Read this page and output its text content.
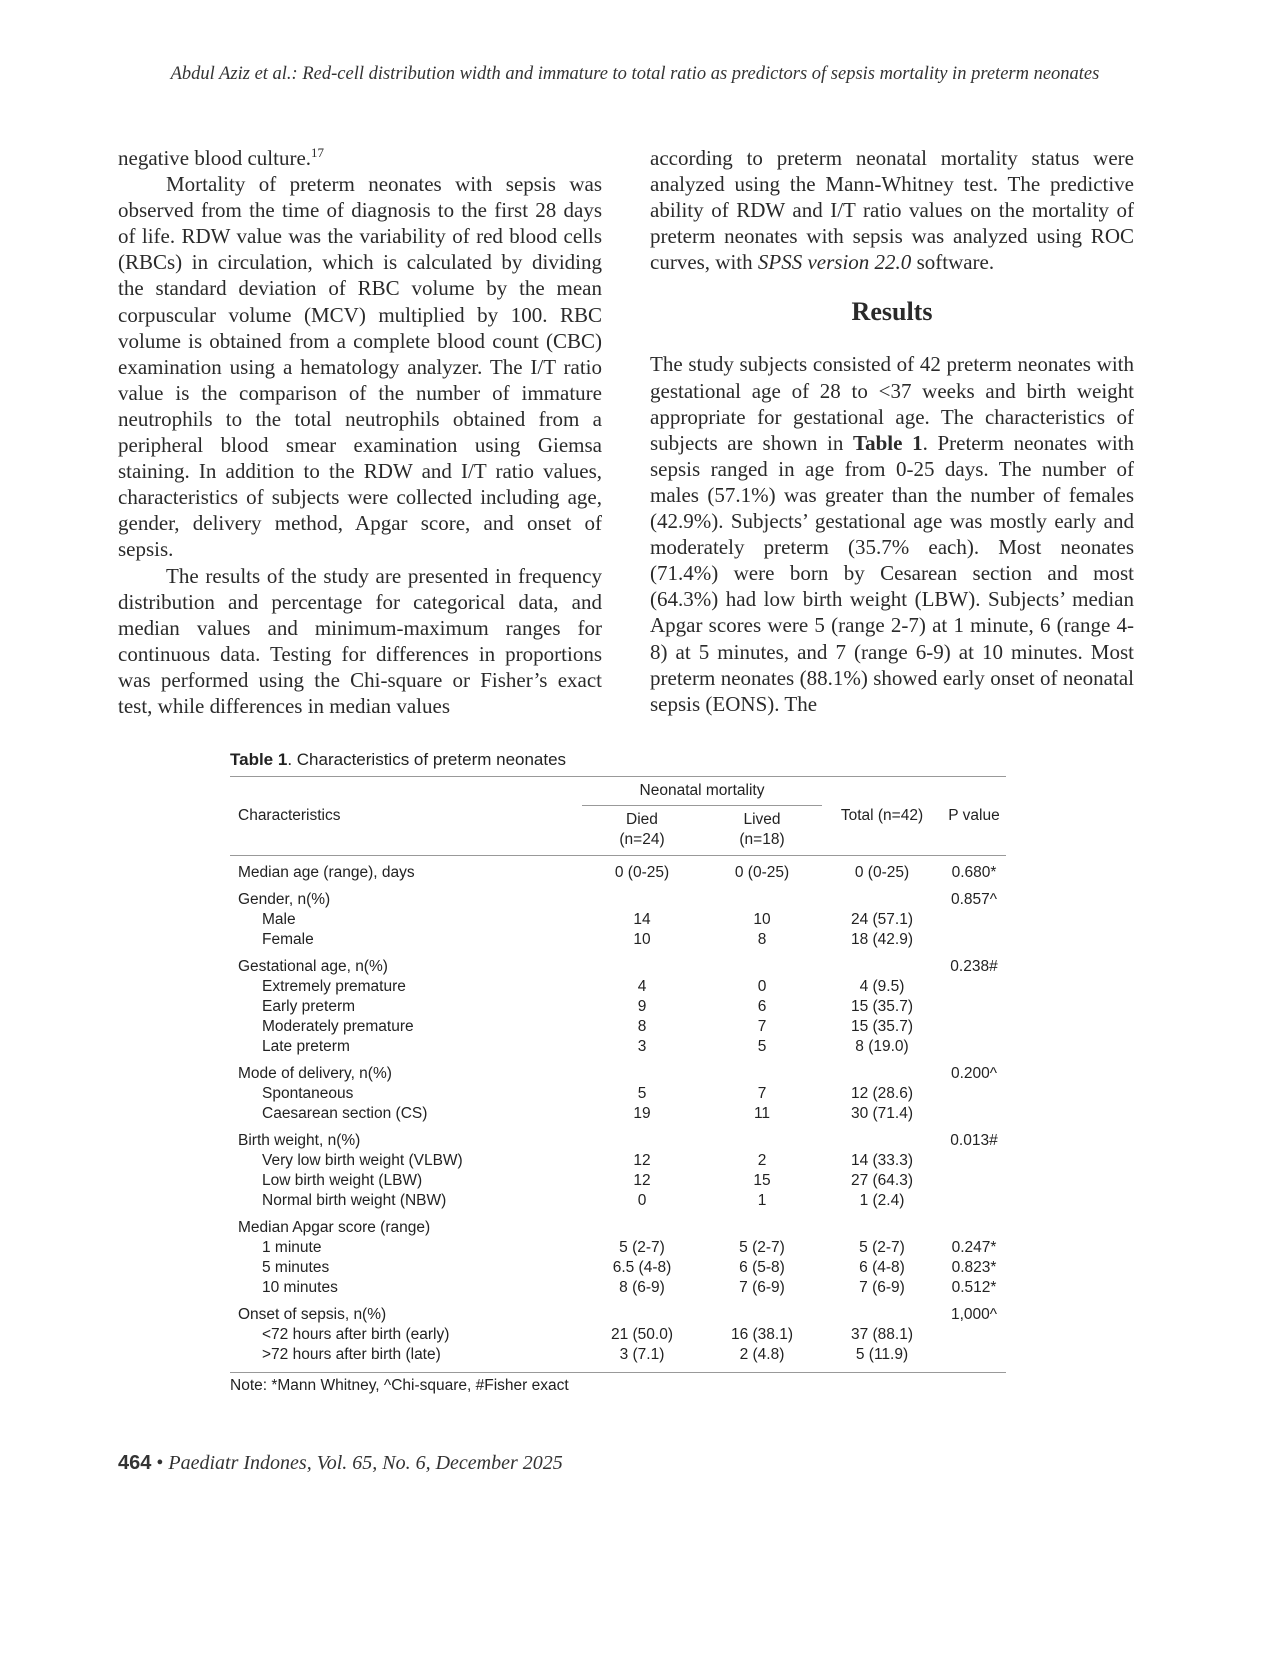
Abdul Aziz et al.: Red-cell distribution width and immature to total ratio as predictors of sepsis mortality in preterm neonates

negative blood culture.$^{17}$

Mortality of preterm neonates with sepsis was observed from the time of diagnosis to the first 28 days of life. RDW value was the variability of red blood cells (RBCs) in circulation, which is calculated by dividing the standard deviation of RBC volume by the mean corpuscular volume (MCV) multiplied by 100. RBC volume is obtained from a complete blood count (CBC) examination using a hematology analyzer. The I/T ratio value is the comparison of the number of immature neutrophils to the total neutrophils obtained from a peripheral blood smear examination using Giemsa staining. In addition to the RDW and I/T ratio values, characteristics of subjects were collected including age, gender, delivery method, Apgar score, and onset of sepsis.

The results of the study are presented in frequency distribution and percentage for categorical data, and median values and minimum-maximum ranges for continuous data. Testing for differences in proportions was performed using the Chi-square or Fisher’s exact test, while differences in median values

according to preterm neonatal mortality status were analyzed using the Mann-Whitney test. The predictive ability of RDW and I/T ratio values on the mortality of preterm neonates with sepsis was analyzed using ROC curves, with SPSS version 22.0 software.

Results

The study subjects consisted of 42 preterm neonates with gestational age of 28 to <37 weeks and birth weight appropriate for gestational age. The characteristics of subjects are shown in Table 1. Preterm neonates with sepsis ranged in age from 0-25 days. The number of males (57.1%) was greater than the number of females (42.9%). Subjects’ gestational age was mostly early and moderately preterm (35.7% each). Most neonates (71.4%) were born by Cesarean section and most (64.3%) had low birth weight (LBW). Subjects’ median Apgar scores were 5 (range 2-7) at 1 minute, 6 (range 4-8) at 5 minutes, and 7 (range 6-9) at 10 minutes. Most preterm neonates (88.1%) showed early onset of neonatal sepsis (EONS). The

Table 1. Characteristics of preterm neonates
Characteristics	Neonatal mortality		Total (n=42)	P value
	Died	Lived		
	(n=24)	(n=18)		

Median age (range), days	0 (0-25)	0 (0-25)	0 (0-25)	0.680*

Gender, n(%)				0.857^
Male	14	10	24 (57.1)	
Female	10	8	18 (42.9)	

Gestational age, n(%)				0.238#
Extremely premature	4	0	4 (9.5)	
Early preterm	9	6	15 (35.7)	
Moderately premature	8	7	15 (35.7)	
Late preterm	3	5	8 (19.0)	

Mode of delivery, n(%)				0.200^
Spontaneous	5	7	12 (28.6)	
Caesarean section (CS)	19	11	30 (71.4)	

Birth weight, n(%)				0.013#
Very low birth weight (VLBW)	12	2	14 (33.3)	
Low birth weight (LBW)	12	15	27 (64.3)	
Normal birth weight (NBW)	0	1	1 (2.4)	

Median Apgar score (range)				
1 minute	5 (2-7)	5 (2-7)	5 (2-7)	0.247*
5 minutes	6.5 (4-8)	6 (5-8)	6 (4-8)	0.823*
10 minutes	8 (6-9)	7 (6-9)	7 (6-9)	0.512*

Onset of sepsis, n(%)				1,000^
<72 hours after birth (early)	21 (50.0)	16 (38.1)	37 (88.1)	
>72 hours after birth (late)	3 (7.1)	2 (4.8)	5 (11.9)	

Note: *Mann Whitney, ^Chi-square, #Fisher exact
464 • Paediatr Indones, Vol. 65, No. 6, December 2025
